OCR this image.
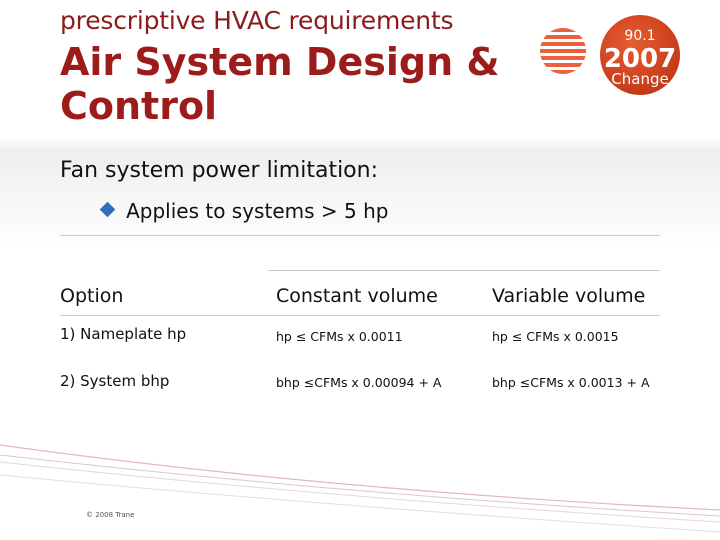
prescriptive HVAC requirements
Air System Design & Control
90.1
2007
Change
Fan system power limitation:
Applies to systems > 5 hp
Option	Constant volume	Variable volume
1) Nameplate hp	hp ≤ CFMs x 0.0011	hp ≤ CFMs x 0.0015
2) System bhp	bhp ≤CFMs x 0.00094 + A	bhp ≤CFMs x 0.0013 + A
© 2008 Trane
